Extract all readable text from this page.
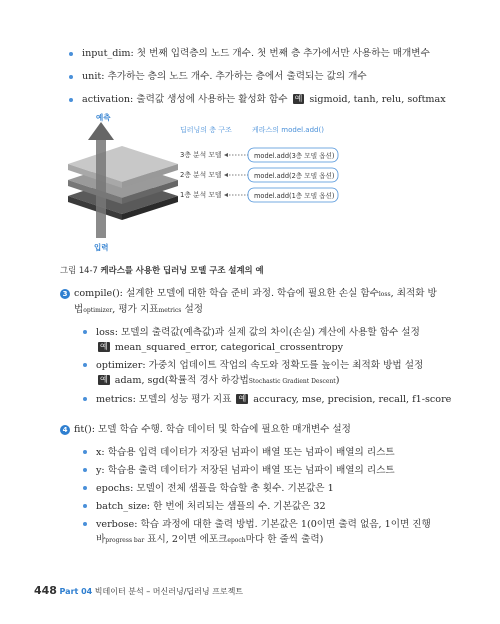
input_dim: 첫 번째 입력층의 노드 개수. 첫 번째 층 추가에서만 사용하는 매개변수
unit: 추가하는 층의 노드 개수. 추가하는 층에서 출력되는 값의 개수
activation: 출력값 생성에 사용하는 활성화 함수 예 sigmoid, tanh, relu, softmax
예측
입력
딥러닝의 층 구조	케라스의 model.add()
3층 분석 모델
2층 분석 모델
1층 분석 모델
model.add(3층 모델 옵션)
model.add(2층 모델 옵션)
model.add(1층 모델 옵션)
그림 14-7 케라스를 사용한 딥러닝 모델 구조 설계의 예
3 compile(): 설계한 모델에 대한 학습 준비 과정. 학습에 필요한 손실 함수loss, 최적화 방
법optimizer, 평가 지표metrics 설정
loss: 모델의 출력값(예측값)과 실제 값의 차이(손실) 계산에 사용할 함수 설정
예 mean_squared_error, categorical_crossentropy
optimizer: 가중치 업데이트 작업의 속도와 정확도를 높이는 최적화 방법 설정
예 adam, sgd(확률적 경사 하강법Stochastic Gradient Descent)
metrics: 모델의 성능 평가 지표 예 accuracy, mse, precision, recall, f1-score
4 fit(): 모델 학습 수행. 학습 데이터 및 학습에 필요한 매개변수 설정
x: 학습용 입력 데이터가 저장된 넘파이 배열 또는 넘파이 배열의 리스트
y: 학습용 출력 데이터가 저장된 넘파이 배열 또는 넘파이 배열의 리스트
epochs: 모델이 전체 샘플을 학습할 총 횟수. 기본값은 1
batch_size: 한 번에 처리되는 샘플의 수. 기본값은 32
verbose: 학습 과정에 대한 출력 방법. 기본값은 1(0이면 출력 없음, 1이면 진행
바progress bar 표시, 2이면 에포크epoch마다 한 줄씩 출력)
448 Part 04 빅데이터 분석 – 머신러닝/딥러닝 프로젝트
